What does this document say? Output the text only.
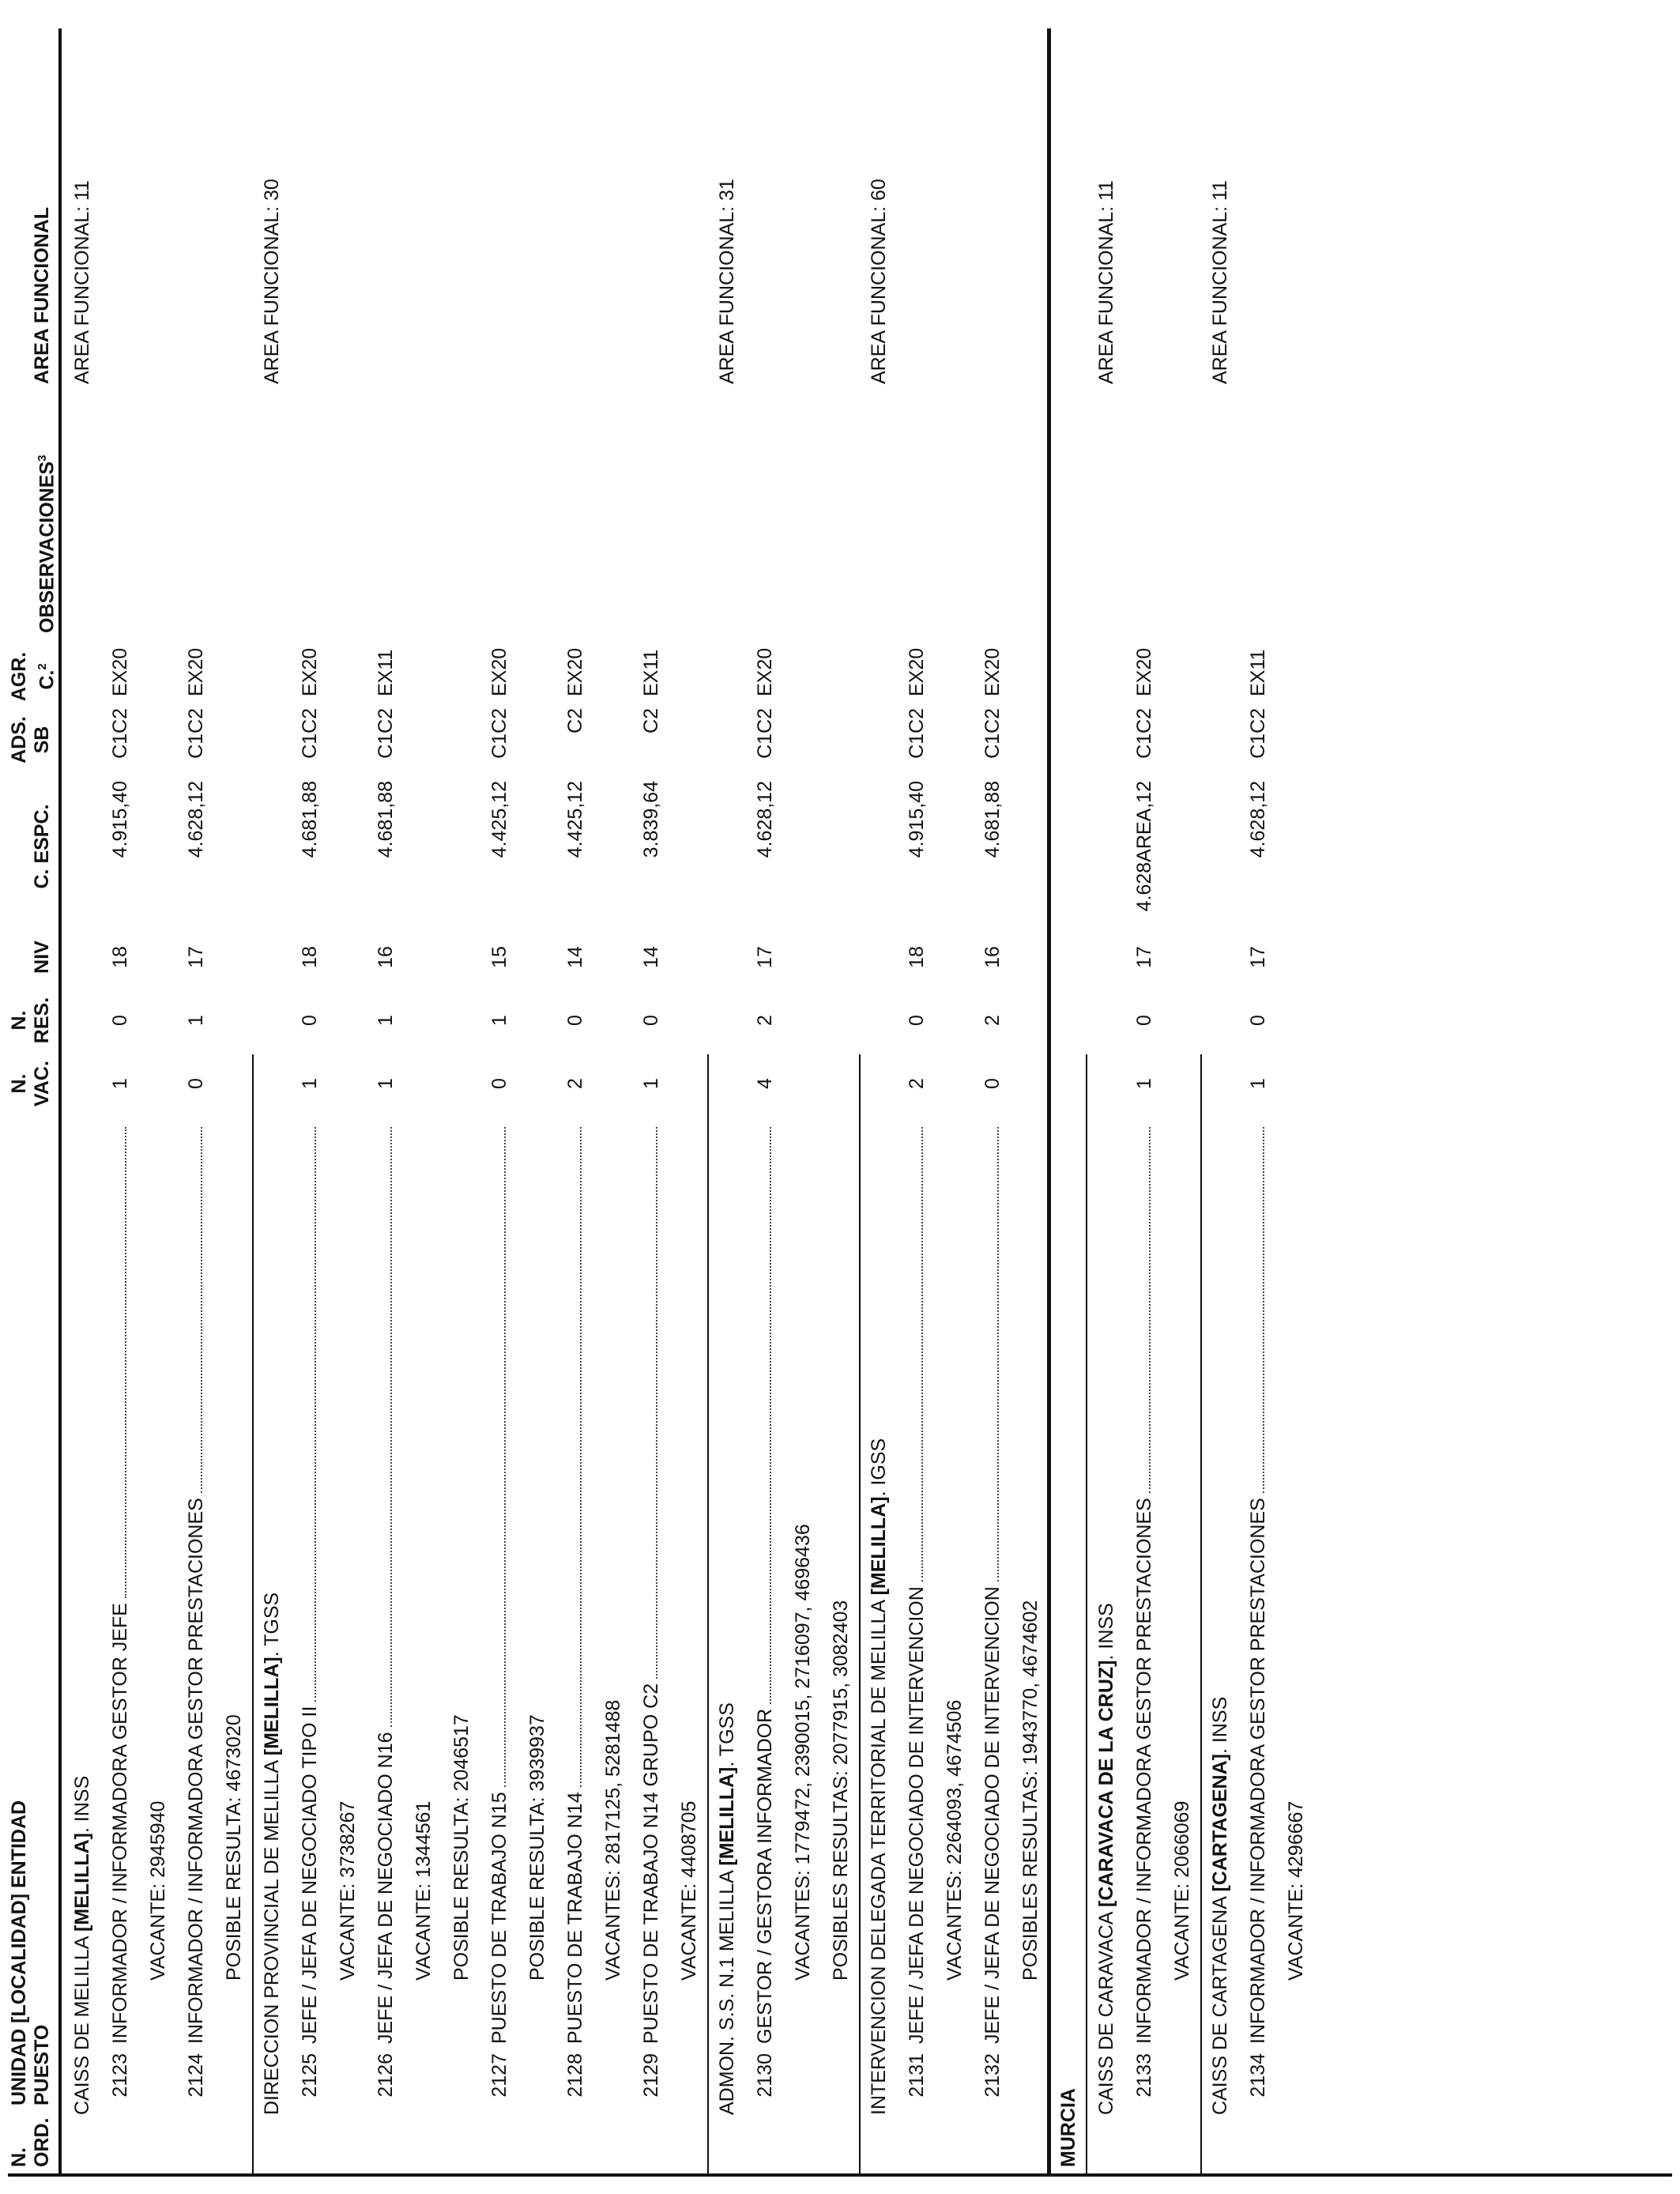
N. ORD.
UNIDAD [LOCALIDAD] ENTIDAD PUESTO
N. VAC.
N. RES.
NIV
C. ESPC.
ADS. SB
AGR. C.$^2$
OBSERVACIONES$^3$
AREA FUNCIONAL
CAISS DE MELILLA [MELILLA]. INSS
AREA FUNCIONAL: 11
2123
INFORMADOR / INFORMADORA GESTOR JEFE
1
0
18
4.915,40
C1C2
EX20
VACANTE: 2945940
2124
INFORMADOR / INFORMADORA GESTOR PRESTACIONES
0
1
17
4.628,12
C1C2
EX20
POSIBLE RESULTA: 4673020 DIRECCION PROVINCIAL DE MELILLA [MELILLA]. TGSS
AREA FUNCIONAL: 30
2125
JEFE / JEFA DE NEGOCIADO TIPO II
1
0
18
4.681,88
C1C2
EX20
VACANTE: 3738267
2126
JEFE / JEFA DE NEGOCIADO N16
1
1
16
4.681,88
C1C2
EX11
VACANTE: 1344561 POSIBLE RESULTA: 2046517
2127
PUESTO DE TRABAJO N15
0
1
15
4.425,12
C1C2
EX20
POSIBLE RESULTA: 3939937
2128
PUESTO DE TRABAJO N14
2
0
14
4.425,12
C2
EX20
VACANTES: 2817125, 5281488
2129
PUESTO DE TRABAJO N14 GRUPO C2
1
0
14
3.839,64
C2
EX11
VACANTE: 4408705 ADMON. S.S. N.1 MELILLA [MELILLA]. TGSS
AREA FUNCIONAL: 31
2130
GESTOR / GESTORA INFORMADOR
4
2
17
4.628,12
C1C2
EX20
VACANTES: 1779472, 2390015, 2716097, 4696436 POSIBLES RESULTAS: 2077915, 3082403 INTERVENCION DELEGADA TERRITORIAL DE MELILLA [MELILLA]. IGSS
AREA FUNCIONAL: 60
2131
JEFE / JEFA DE NEGOCIADO DE INTERVENCION
2
0
18
4.915,40
C1C2
EX20
VACANTES: 2264093, 4674506
2132
JEFE / JEFA DE NEGOCIADO DE INTERVENCION
0
2
16
4.681,88
C1C2
EX20
POSIBLES RESULTAS: 1943770, 4674602
MURCIA
CAISS DE CARAVACA [CARAVACA DE LA CRUZ]. INSS
AREA FUNCIONAL: 11
2133
INFORMADOR / INFORMADORA GESTOR PRESTACIONES
1
0
17
4.628AREA,12
C1C2
EX20
VACANTE: 2066069
CAISS DE CARTAGENA [CARTAGENA]. INSS
AREA FUNCIONAL: 11
2134
INFORMADOR / INFORMADORA GESTOR PRESTACIONES
1
0
17
4.628,12
C1C2
EX11
VACANTE: 4296667
